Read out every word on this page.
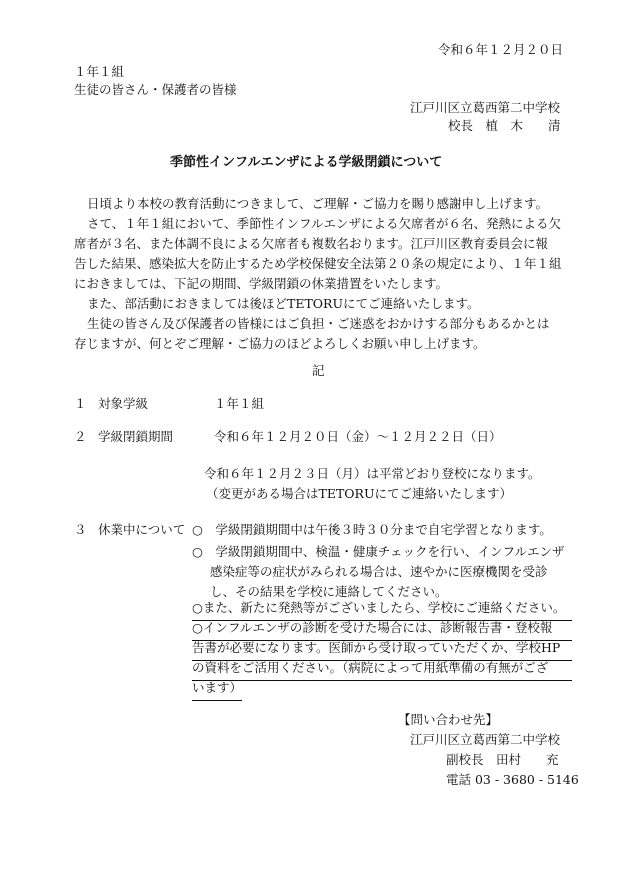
令和６年１２月２０日
１年１組
生徒の皆さん・保護者の皆様
江戸川区立葛西第二中学校
校長　植　木　　清
季節性インフルエンザによる学級閉鎖について
日頃より本校の教育活動につきまして、ご理解・ご協力を賜り感謝申し上げます。
さて、１年１組において、季節性インフルエンザによる欠席者が６名、発熱による欠
席者が３名、また体調不良による欠席者も複数名おります。江戸川区教育委員会に報
告した結果、感染拡大を防止するため学校保健安全法第２０条の規定により、１年１組
におきましては、下記の期間、学級閉鎖の休業措置をいたします。
また、部活動におきましては後ほどTETORUにてご連絡いたします。
生徒の皆さん及び保護者の皆様にはご負担・ご迷惑をおかけする部分もあるかとは
存じますが、何とぞご理解・ご協力のほどよろしくお願い申し上げます。
記
１ 対象学級	１年１組
２ 学級閉鎖期間	令和６年１２月２０日（金）～１２月２２日（日）
令和６年１２月２３日（月）は平常どおり登校になります。
（変更がある場合はTETORUにてご連絡いたします）
３ 休業中について ○　学級閉鎖期間中は午後３時３０分まで自宅学習となります。
○　学級閉鎖期間中、検温・健康チェックを行い、インフルエンザ
感染症等の症状がみられる場合は、速やかに医療機関を受診
し、その結果を学校に連絡してください。
○また、新たに発熱等がございましたら、学校にご連絡ください。
○インフルエンザの診断を受けた場合には、診断報告書・登校報
告書が必要になります。医師から受け取っていただくか、学校HP
の資料をご活用ください。（病院によって用紙準備の有無がござ
います）
【問い合わせ先】
江戸川区立葛西第二中学校
副校長　田村　　充
電話 03 - 3680 - 5146
